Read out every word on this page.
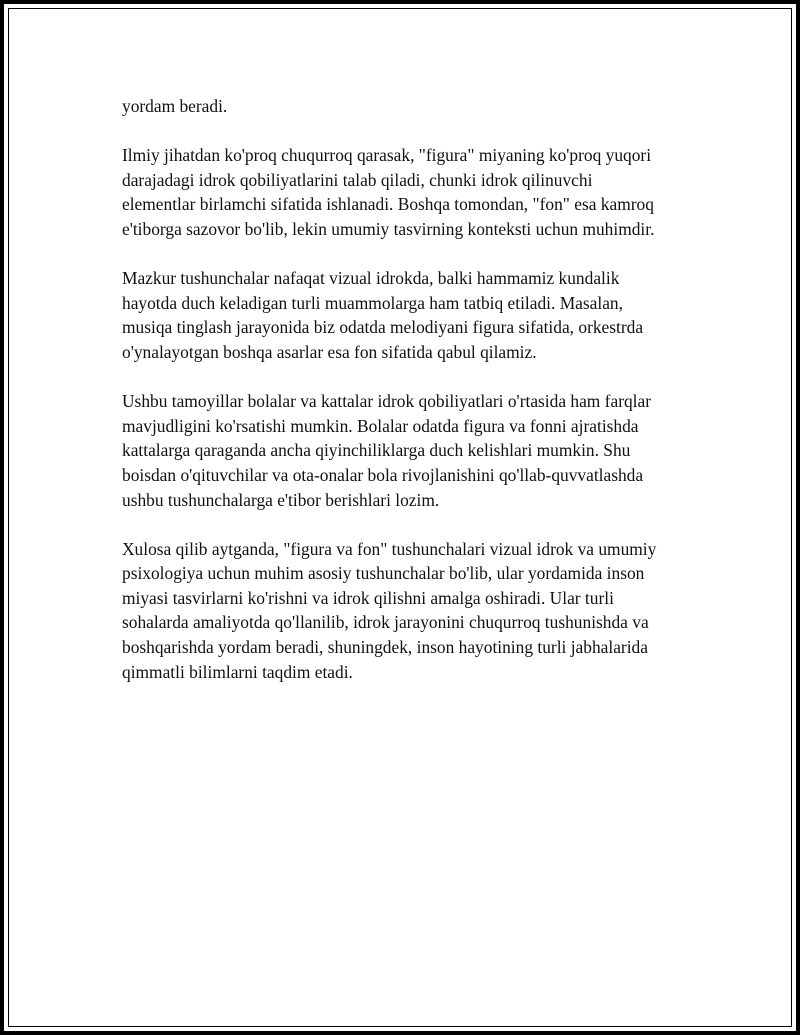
yordam beradi.

Ilmiy jihatdan ko'proq chuqurroq qarasak, "figura" miyaning ko'proq yuqori
darajadagi idrok qobiliyatlarini talab qiladi, chunki idrok qilinuvchi
elementlar birlamchi sifatida ishlanadi. Boshqa tomondan, "fon" esa kamroq
e'tiborga sazovor bo'lib, lekin umumiy tasvirning konteksti uchun muhimdir.

Mazkur tushunchalar nafaqat vizual idrokda, balki hammamiz kundalik
hayotda duch keladigan turli muammolarga ham tatbiq etiladi. Masalan,
musiqa tinglash jarayonida biz odatda melodiyani figura sifatida, orkestrda
o'ynalayotgan boshqa asarlar esa fon sifatida qabul qilamiz.

Ushbu tamoyillar bolalar va kattalar idrok qobiliyatlari o'rtasida ham farqlar
mavjudligini ko'rsatishi mumkin. Bolalar odatda figura va fonni ajratishda
kattalarga qaraganda ancha qiyinchiliklarga duch kelishlari mumkin. Shu
boisdan o'qituvchilar va ota-onalar bola rivojlanishini qo'llab-quvvatlashda
ushbu tushunchalarga e'tibor berishlari lozim.

Xulosa qilib aytganda, "figura va fon" tushunchalari vizual idrok va umumiy
psixologiya uchun muhim asosiy tushunchalar bo'lib, ular yordamida inson
miyasi tasvirlarni ko'rishni va idrok qilishni amalga oshiradi. Ular turli
sohalarda amaliyotda qo'llanilib, idrok jarayonini chuqurroq tushunishda va
boshqarishda yordam beradi, shuningdek, inson hayotining turli jabhalarida
qimmatli bilimlarni taqdim etadi.
